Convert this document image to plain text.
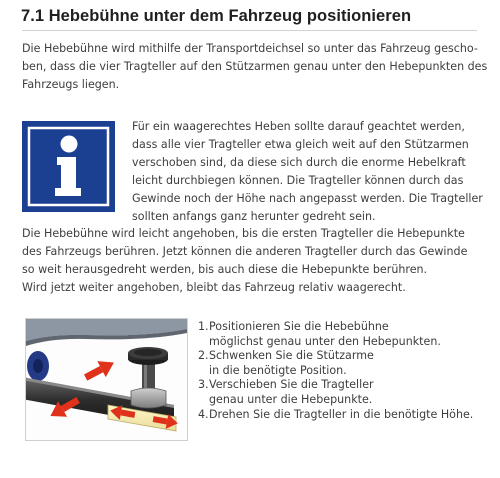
7.1 Hebebühne unter dem Fahrzeug positionieren

Die Hebebühne wird mithilfe der Transportdeichsel so unter das Fahrzeug gescho-
ben, dass die vier Tragteller auf den Stützarmen genau unter den Hebepunkten des
Fahrzeugs liegen.

Für ein waagerechtes Heben sollte darauf geachtet werden,
dass alle vier Tragteller etwa gleich weit auf den Stützarmen
verschoben sind, da diese sich durch die enorme Hebelkraft
leicht durchbiegen können. Die Tragteller können durch das
Gewinde noch der Höhe nach angepasst werden. Die Tragteller
sollten anfangs ganz herunter gedreht sein.

Die Hebebühne wird leicht angehoben, bis die ersten Tragteller die Hebepunkte
des Fahrzeugs berühren. Jetzt können die anderen Tragteller durch das Gewinde
so weit herausgedreht werden, bis auch diese die Hebepunkte berühren.
Wird jetzt weiter angehoben, bleibt das Fahrzeug relativ waagerecht.

1. Positionieren Sie die Hebebühne
möglichst genau unter den Hebepunkten.
2. Schwenken Sie die Stützarme
in die benötigte Position.
3. Verschieben Sie die Tragteller
genau unter die Hebepunkte.
4. Drehen Sie die Tragteller in die benötigte Höhe.
